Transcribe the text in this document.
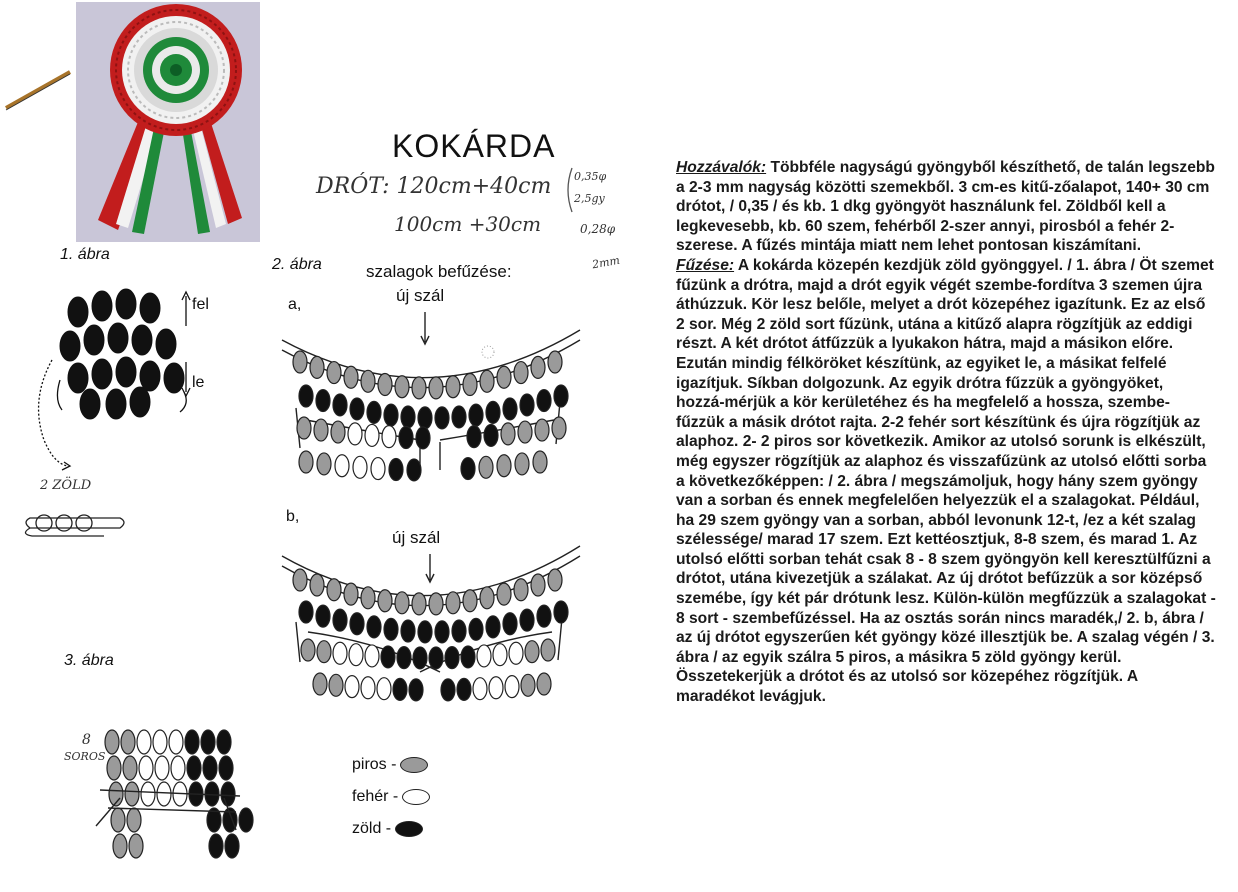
KOKÁRDA
DRÓT: 120cm+40cm
100cm +30cm
0,35φ
2,5gy
0,28φ
2mm
1. ábra
2. ábra	szalagok befűzése:
új szál
a,
b,
új szál
3. ábra
fel
le
2 ZÖLD
8
SOROS	piros -
fehér -
zöld -

Hozzávalók: Többféle nagyságú gyöngyből készíthető, de talán legszebb a 2-3 mm nagyság közötti szemekből. 3 cm-es kitű-zőalapot, 140+ 30 cm drótot, / 0,35 / és kb. 1 dkg gyöngyöt használunk fel. Zöldből kell a legkevesebb, kb. 60 szem, fehérből 2-szer annyi, pirosból a fehér 2-szerese. A fűzés mintája miatt nem lehet pontosan kiszámítani.

Fűzése: A kokárda közepén kezdjük zöld gyönggyel. / 1. ábra / Öt szemet fűzünk a drótra, majd a drót egyik végét szembe-fordítva 3 szemen újra áthúzzuk. Kör lesz belőle, melyet a drót közepéhez igazítunk. Ez az első 2 sor. Még 2 zöld sort fűzünk, utána a kitűző alapra rögzítjük az eddigi részt. A két drótot átfűzzük a lyukakon hátra, majd a másikon előre. Ezután mindig félköröket készítünk, az egyiket le, a másikat felfelé igazítjuk. Síkban dolgozunk. Az egyik drótra fűzzük a gyöngyöket, hozzá-mérjük a kör kerületéhez és ha megfelelő a hossza, szembe-fűzzük a másik drótot rajta. 2-2 fehér sort készítünk és újra rögzítjük az alaphoz. 2- 2 piros sor következik. Amikor az utolsó sorunk is elkészült, még egyszer rögzítjük az alaphoz és visszafűzünk az utolsó előtti sorba a következőképpen: / 2. ábra / megszámoljuk, hogy hány szem gyöngy van a sorban és ennek megfelelően helyezzük el a szalagokat. Például, ha 29 szem gyöngy van a sorban, abból levonunk 12-t, /ez a két szalag szélessége/ marad 17 szem. Ezt kettéosztjuk, 8-8 szem, és marad 1. Az utolsó előtti sorban tehát csak 8 - 8 szem gyöngyön kell keresztülfűzni a drótot, utána kivezetjük a szálakat. Az új drótot befűzzük a sor középső szemébe, így két pár drótunk lesz. Külön-külön megfűzzük a szalagokat - 8 sort - szembefűzéssel. Ha az osztás során nincs maradék,/ 2. b, ábra / az új drótot egyszerűen két gyöngy közé illesztjük be. A szalag végén / 3. ábra / az egyik szálra 5 piros, a másikra 5 zöld gyöngy kerül. Összetekerjük a drótot és az utolsó sor közepéhez rögzítjük. A maradékot levágjuk.
